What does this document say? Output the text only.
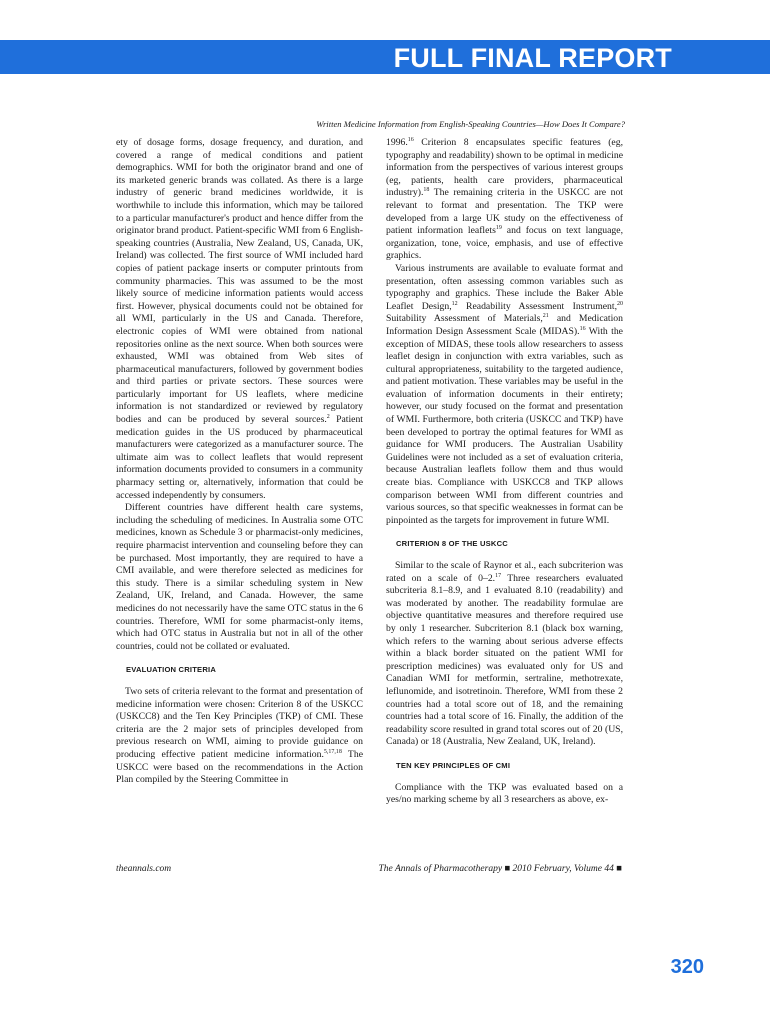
FULL FINAL REPORT
Written Medicine Information from English-Speaking Countries—How Does It Compare?

ety of dosage forms, dosage frequency, and duration, and covered a range of medical conditions and patient demographics. WMI for both the originator brand and one of its marketed generic brands was collated. As there is a large industry of generic brand medicines worldwide, it is worthwhile to include this information, which may be tailored to a particular manufacturer's product and hence differ from the originator brand product. Patient-specific WMI from 6 English-speaking countries (Australia, New Zealand, US, Canada, UK, Ireland) was collected. The first source of WMI included hard copies of patient package inserts or computer printouts from community pharmacies. This was assumed to be the most likely source of medicine information patients would access first. However, physical documents could not be obtained for all WMI, particularly in the US and Canada. Therefore, electronic copies of WMI were obtained from national repositories online as the next source. When both sources were exhausted, WMI was obtained from Web sites of pharmaceutical manufacturers, followed by government bodies and third parties or private sectors. These sources were particularly important for US leaflets, where medicine information is not standardized or reviewed by regulatory bodies and can be produced by several sources.$^2$ Patient medication guides in the US produced by pharmaceutical manufacturers were categorized as a manufacturer source. The ultimate aim was to collect leaflets that would represent information documents provided to consumers in a community pharmacy setting or, alternatively, information that could be accessed independently by consumers.

Different countries have different health care systems, including the scheduling of medicines. In Australia some OTC medicines, known as Schedule 3 or pharmacist-only medicines, require pharmacist intervention and counseling before they can be purchased. Most importantly, they are required to have a CMI available, and were therefore selected as medicines for this study. There is a similar scheduling system in New Zealand, UK, Ireland, and Canada. However, the same medicines do not necessarily have the same OTC status in the 6 countries. Therefore, WMI for some pharmacist-only items, which had OTC status in Australia but not in all of the other countries, could not be collated or evaluated.

EVALUATION CRITERIA

Two sets of criteria relevant to the format and presentation of medicine information were chosen: Criterion 8 of the USKCC (USKCC8) and the Ten Key Principles (TKP) of CMI. These criteria are the 2 major sets of principles developed from previous research on WMI, aiming to provide guidance on producing effective patient medicine information.$^{5,17,18}$ The USKCC were based on the recommendations in the Action Plan compiled by the Steering Committee in

1996.16 Criterion 8 encapsulates specific features (eg, typography and readability) shown to be optimal in medicine information from the perspectives of various interest groups (eg, patients, health care providers, pharmaceutical industry).$^{18}$ The remaining criteria in the USKCC are not relevant to format and presentation. The TKP were developed from a large UK study on the effectiveness of patient information leaflets$^{19}$ and focus on text language, organization, tone, voice, emphasis, and use of effective graphics.

Various instruments are available to evaluate format and presentation, often assessing common variables such as typography and graphics. These include the Baker Able Leaflet Design,$^{12}$ Readability Assessment Instrument,$^{20}$ Suitability Assessment of Materials,$^{21}$ and Medication Information Design Assessment Scale (MIDAS).$^{16}$ With the exception of MIDAS, these tools allow researchers to assess leaflet design in conjunction with extra variables, such as cultural appropriateness, suitability to the targeted audience, and patient motivation. These variables may be useful in the evaluation of information documents in their entirety; however, our study focused on the format and presentation of WMI. Furthermore, both criteria (USKCC and TKP) have been developed to portray the optimal features for WMI as guidance for WMI producers. The Australian Usability Guidelines were not included as a set of evaluation criteria, because Australian leaflets follow them and thus would create bias. Compliance with USKCC8 and TKP allows comparison between WMI from different countries and various sources, so that specific weaknesses in format can be pinpointed as the targets for improvement in future WMI.

CRITERION 8 OF THE USKCC

Similar to the scale of Raynor et al., each subcriterion was rated on a scale of 0–2.17 Three researchers evaluated subcriteria 8.1–8.9, and 1 evaluated 8.10 (readability) and was moderated by another. The readability formulae are objective quantitative measures and therefore required use by only 1 researcher. Subcriterion 8.1 (black box warning, which refers to the warning about serious adverse effects within a black border situated on the patient WMI for prescription medicines) was evaluated only for US and Canadian WMI for metformin, sertraline, methotrexate, leflunomide, and isotretinoin. Therefore, WMI from these 2 countries had a total score out of 18, and the remaining countries had a total score of 16. Finally, the addition of the readability score resulted in grand total scores out of 20 (US, Canada) or 18 (Australia, New Zealand, UK, Ireland).

TEN KEY PRINCIPLES OF CMI

Compliance with the TKP was evaluated based on a yes/no marking scheme by all 3 researchers as above, ex-

theannals.com	The Annals of Pharmacotherapy ■ 2010 February, Volume 44 ■
320
